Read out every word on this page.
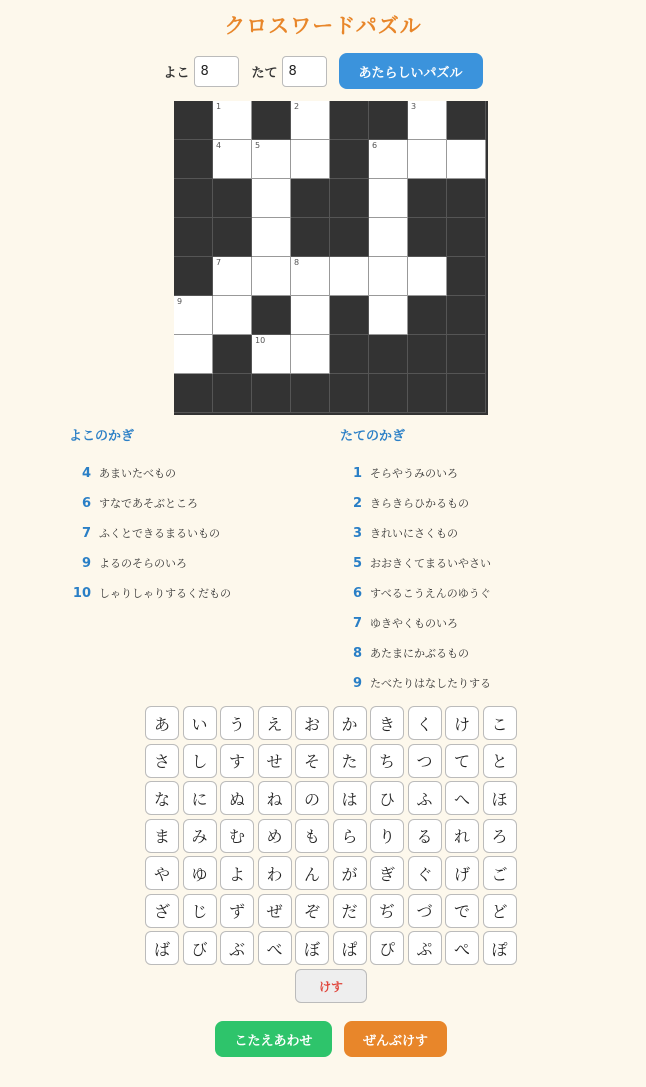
クロスワードパズル
よこ
8	たて
8	あたらしいパズル
1	2	3
4	5	6
7	8
9
10
よこのかぎ
4 あまいたべもの
6 すなであそぶところ
7 ふくとできるまるいもの
9 よるのそらのいろ
10 しゃりしゃりするくだもの
たてのかぎ
1 そらやうみのいろ
2 きらきらひかるもの
3 きれいにさくもの
5 おおきくてまるいやさい
6 すべるこうえんのゆうぐ
7 ゆきやくものいろ
8 あたまにかぶるもの
9 たべたりはなしたりする
あ	い	う	え	お	か	き	く	け	こ
さ	し	す	せ	そ	た	ち	つ	て	と
な	に	ぬ	ね	の	は	ひ	ふ	へ	ほ
ま	み	む	め	も	ら	り	る	れ	ろ
や	ゆ	よ	わ	ん	が	ぎ	ぐ	げ	ご
ざ	じ	ず	ぜ	ぞ	だ	ぢ	づ	で	ど
ば	び	ぶ	べ	ぼ	ぱ	ぴ	ぷ	ぺ	ぽ
けす
こたえあわせ	ぜんぶけす
